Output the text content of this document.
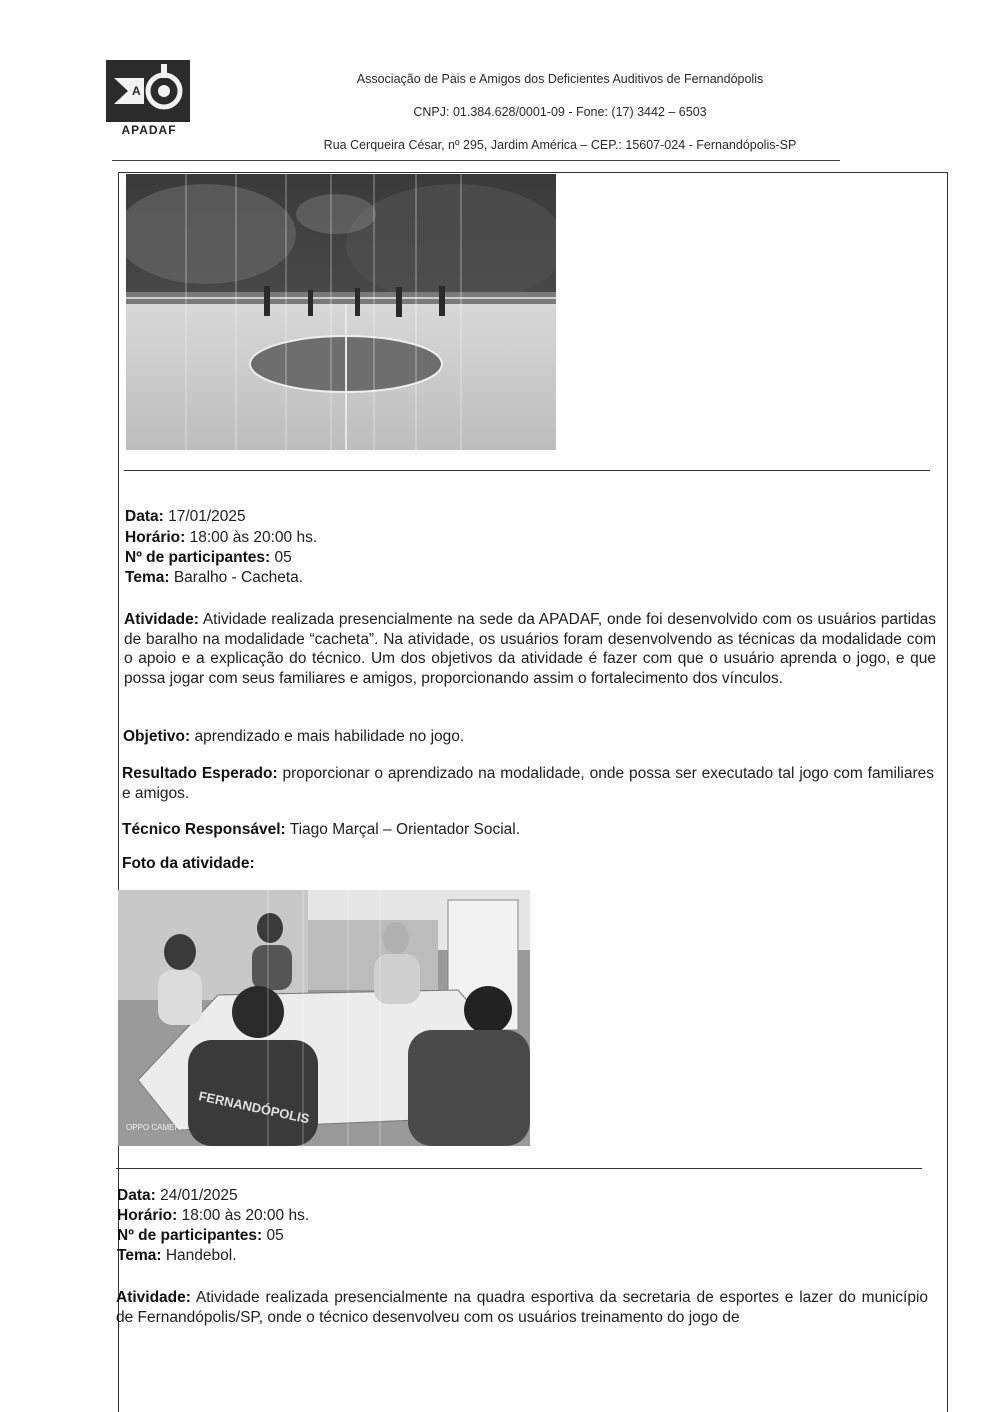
A
APADAF
Associação de Pais e Amigos dos Deficientes Auditivos de Fernandópolis
CNPJ: 01.384.628/0001-09 - Fone: (17) 3442 – 6503
Rua Cerqueira César, nº 295, Jardim América – CEP.: 15607-024 - Fernandópolis-SP
Data: 17/01/2025
Horário: 18:00 às 20:00 hs.
Nº de participantes: 05
Tema: Baralho - Cacheta.
Atividade: Atividade realizada presencialmente na sede da APADAF, onde foi desenvolvido com os usuários partidas de baralho na modalidade “cacheta”. Na atividade, os usuários foram desenvolvendo as técnicas da modalidade com o apoio e a explicação do técnico. Um dos objetivos da atividade é fazer com que o usuário aprenda o jogo, e que possa jogar com seus familiares e amigos, proporcionando assim o fortalecimento dos vínculos.
Objetivo: aprendizado e mais habilidade no jogo.
Resultado Esperado: proporcionar o aprendizado na modalidade, onde possa ser executado tal jogo com familiares e amigos.
Técnico Responsável: Tiago Marçal – Orientador Social.
Foto da atividade:
FERNANDÓPOLIS
OPPO CAMERA
Data: 24/01/2025
Horário: 18:00 às 20:00 hs.
Nº de participantes: 05
Tema: Handebol.
Atividade: Atividade realizada presencialmente na quadra esportiva da secretaria de esportes e lazer do município de Fernandópolis/SP, onde o técnico desenvolveu com os usuários treinamento do jogo de
